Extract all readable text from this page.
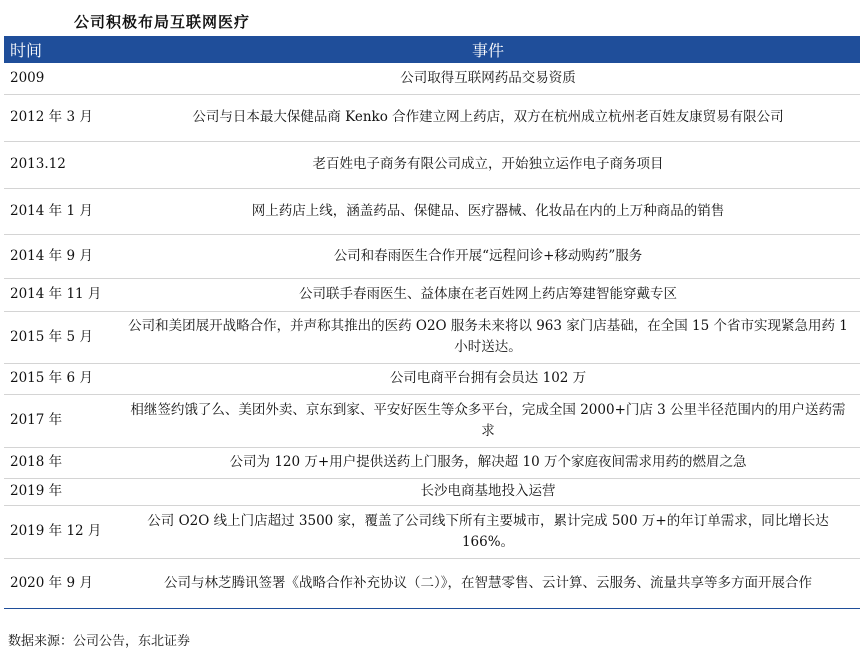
公司积极布局互联网医疗
时间	事件
2009	公司取得互联网药品交易资质
2012 年 3 月	公司与日本最大保健品商 Kenko 合作建立网上药店，双方在杭州成立杭州老百姓友康贸易有限公司
2013.12	老百姓电子商务有限公司成立，开始独立运作电子商务项目
2014 年 1 月	网上药店上线，涵盖药品、保健品、医疗器械、化妆品在内的上万种商品的销售
2014 年 9 月	公司和春雨医生合作开展“远程问诊+移动购药”服务
2014 年 11 月	公司联手春雨医生、益体康在老百姓网上药店筹建智能穿戴专区
2015 年 5 月	公司和美团展开战略合作，并声称其推出的医药 O2O 服务未来将以 963 家门店基础，在全国 15 个省市实现紧急用药 1 小时送达。
2015 年 6 月	公司电商平台拥有会员达 102 万
2017 年	相继签约饿了么、美团外卖、京东到家、平安好医生等众多平台，完成全国 2000+门店 3 公里半径范围内的用户送药需求
2018 年	公司为 120 万+用户提供送药上门服务，解决超 10 万个家庭夜间需求用药的燃眉之急
2019 年	长沙电商基地投入运营
2019 年 12 月	公司 O2O 线上门店超过 3500 家，覆盖了公司线下所有主要城市，累计完成 500 万+的年订单需求，同比增长达 166%。
2020 年 9 月	公司与林芝腾讯签署《战略合作补充协议（二）》，在智慧零售、云计算、云服务、流量共享等多方面开展合作
数据来源：公司公告，东北证券
